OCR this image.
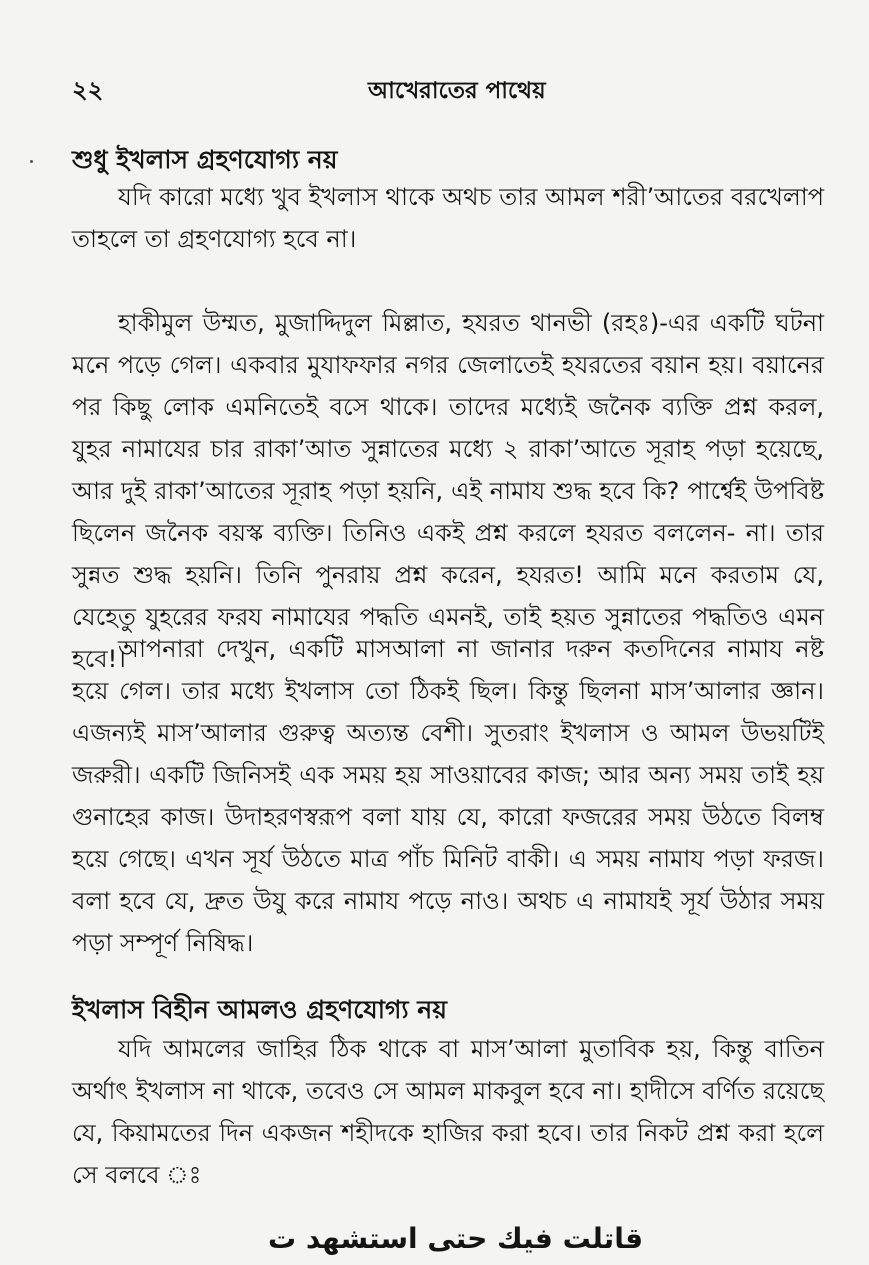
২২	আখেরাতের পাথেয়
শুধু ইখলাস গ্রহণযোগ্য নয়

যদি কারো মধ্যে খুব ইখলাস থাকে অথচ তার আমল শরী’আতের বরখেলাপ তাহলে তা গ্রহণযোগ্য হবে না।

হাকীমুল উম্মত, মুজাদ্দিদুল মিল্লাত, হযরত থানভী (রহঃ)-এর একটি ঘটনা মনে পড়ে গেল। একবার মুযাফফার নগর জেলাতেই হযরতের বয়ান হয়। বয়ানের পর কিছু লোক এমনিতেই বসে থাকে। তাদের মধ্যেই জনৈক ব্যক্তি প্রশ্ন করল, যুহর নামাযের চার রাকা’আত সুন্নাতের মধ্যে ২ রাকা’আতে সূরাহ পড়া হয়েছে, আর দুই রাকা’আতের সূরাহ পড়া হয়নি, এই নামায শুদ্ধ হবে কি? পার্শ্বেই উপবিষ্ট ছিলেন জনৈক বয়স্ক ব্যক্তি। তিনিও একই প্রশ্ন করলে হযরত বললেন- না। তার সুন্নত শুদ্ধ হয়নি। তিনি পুনরায় প্রশ্ন করেন, হযরত! আমি মনে করতাম যে, যেহেতু যুহরের ফরয নামাযের পদ্ধতি এমনই, তাই হয়ত সুন্নাতের পদ্ধতিও এমন হবে!।

আপনারা দেখুন, একটি মাসআলা না জানার দরুন কতদিনের নামায নষ্ট হয়ে গেল। তার মধ্যে ইখলাস তো ঠিকই ছিল। কিন্তু ছিলনা মাস’আলার জ্ঞান। এজন্যই মাস’আলার গুরুত্ব অত্যন্ত বেশী। সুতরাং ইখলাস ও আমল উভয়টিই জরুরী। একটি জিনিসই এক সময় হয় সাওয়াবের কাজ; আর অন্য সময় তাই হয় গুনাহের কাজ। উদাহরণস্বরূপ বলা যায় যে, কারো ফজরের সময় উঠতে বিলম্ব হয়ে গেছে। এখন সূর্য উঠতে মাত্র পাঁচ মিনিট বাকী। এ সময় নামায পড়া ফরজ। বলা হবে যে, দ্রুত উযু করে নামায পড়ে নাও। অথচ এ নামাযই সূর্য উঠার সময় পড়া সম্পূর্ণ নিষিদ্ধ।

ইখলাস বিহীন আমলও গ্রহণযোগ্য নয়

যদি আমলের জাহির ঠিক থাকে বা মাস’আলা মুতাবিক হয়, কিন্তু বাতিন অর্থাৎ ইখলাস না থাকে, তবেও সে আমল মাকবুল হবে না। হাদীসে বর্ণিত রয়েছে যে, কিয়ামতের দিন একজন শহীদকে হাজির করা হবে। তার নিকট প্রশ্ন করা হলে সে বলবে ঃ

قاتلت فيك حتى استشهد ت
